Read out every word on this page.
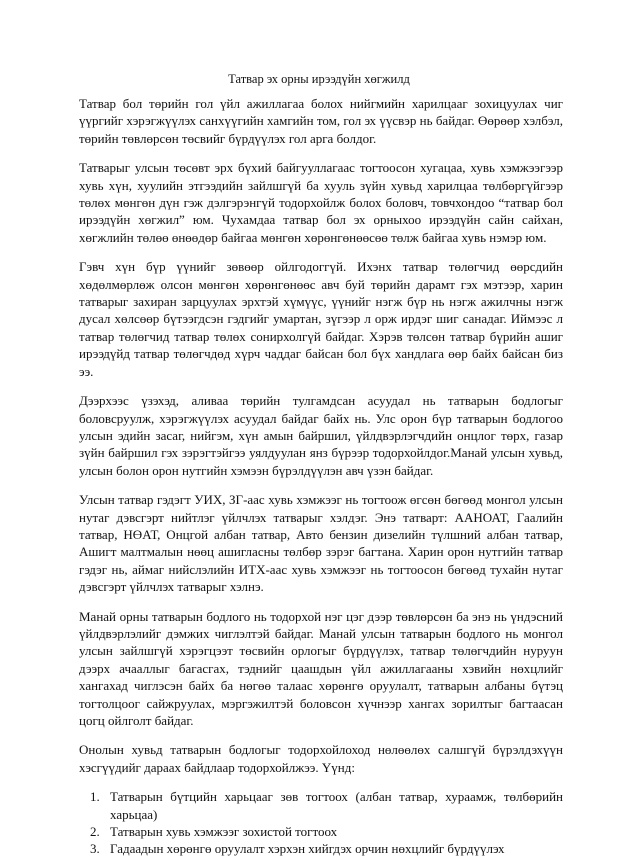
Татвар эх орны ирээдүйн хөгжилд

Татвар бол төрийн гол үйл ажиллагаа болох нийгмийн харилцааг зохицуулах чиг үүргийг хэрэгжүүлэх санхүүгийн хамгийн том, гол эх үүсвэр нь байдаг. Өөрөөр хэлбэл, төрийн төвлөрсөн төсвийг бүрдүүлэх гол арга болдог.

Татварыг улсын төсөвт эрх бүхий байгууллагаас тогтоосон хугацаа, хувь хэмжээгээр хувь хүн, хуулийн этгээдийн зайлшгүй ба хууль зүйн хувьд харилцаа төлбөргүйгээр төлөх мөнгөн дүн гэж дэлгэрэнгүй тодорхойлж болох боловч, товчхондоо “татвар бол ирээдүйн хөгжил” юм. Чухамдаа татвар бол эх орныхоо ирээдүйн сайн сайхан, хөгжлийн төлөө өнөөдөр байгаа мөнгөн хөрөнгөнөөсөө төлж байгаа хувь нэмэр юм.

Гэвч хүн бүр үүнийг зөвөөр ойлгодоггүй. Ихэнх татвар төлөгчид өөрсдийн хөдөлмөрлөж олсон мөнгөн хөрөнгөнөөс авч буй төрийн дарамт гэх мэтээр, харин татварыг захиран зарцуулах эрхтэй хүмүүс, үүнийг нэгж бүр нь нэгж ажилчны нэгж дусал хөлсөөр бүтээгдсэн гэдгийг умартан, зүгээр л орж ирдэг шиг санадаг. Иймээс л татвар төлөгчид татвар төлөх сонирхолгүй байдаг. Хэрэв төлсөн татвар бүрийн ашиг ирээдүйд татвар төлөгчдөд хүрч чаддаг байсан бол бүх хандлага өөр байх байсан биз ээ.

Дээрхээс үзэхэд, аливаа төрийн тулгамдсан асуудал нь татварын бодлогыг боловсруулж, хэрэгжүүлэх асуудал байдаг байх нь. Улс орон бүр татварын бодлогоо улсын эдийн засаг, нийгэм, хүн амын байршил, үйлдвэрлэгчдийн онцлог төрх, газар зүйн байршил гэх зэрэгтэйгээ уялдуулан янз бүрээр тодорхойлдог.Манай улсын хувьд, улсын болон орон нутгийн хэмээн бүрэлдүүлэн авч үзэн байдаг.

Улсын татвар гэдэгт УИХ, ЗГ-аас хувь хэмжээг нь тогтоож өгсөн бөгөөд монгол улсын нутаг дэвсгэрт нийтлэг үйлчлэх татварыг хэлдэг. Энэ татварт: ААНОАТ, Гаалийн татвар, НӨАТ, Онцгой албан татвар, Авто бензин дизелийн түлшний албан татвар, Ашигт малтмалын нөөц ашигласны төлбөр зэрэг багтана. Харин орон нутгийн татвар гэдэг нь, аймаг нийслэлийн ИТХ-аас хувь хэмжээг нь тогтоосон бөгөөд тухайн нутаг дэвсгэрт үйлчлэх татварыг хэлнэ.

Манай орны татварын бодлого нь тодорхой нэг цэг дээр төвлөрсөн ба энэ нь үндэсний үйлдвэрлэлийг дэмжих чиглэлтэй байдаг. Манай улсын татварын бодлого нь монгол улсын зайлшгүй хэрэгцээт төсвийн орлогыг бүрдүүлэх, татвар төлөгчдийн нуруун дээрх ачааллыг багасгах, тэднийг цаашдын үйл ажиллагааны хэвийн нөхцлийг хангахад чиглэсэн байх ба нөгөө талаас хөрөнгө оруулалт, татварын албаны бүтэц тогтолцоог сайжруулах, мэргэжилтэй боловсон хүчнээр хангах зорилтыг багтаасан цогц ойлголт байдаг.

Онолын хувьд татварын бодлогыг тодорхойлоход нөлөөлөх салшгүй бүрэлдэхүүн хэсгүүдийг дараах байдлаар тодорхойлжээ. Үүнд:

1. Татварын бүтцийн харьцааг зөв тогтоох (албан татвар, хураамж, төлбөрийн харьцаа)
2. Татварын хувь хэмжээг зохистой тогтоох
3. Гадаадын хөрөнгө оруулалт хэрхэн хийгдэх орчин нөхцлийг бүрдүүлэх
